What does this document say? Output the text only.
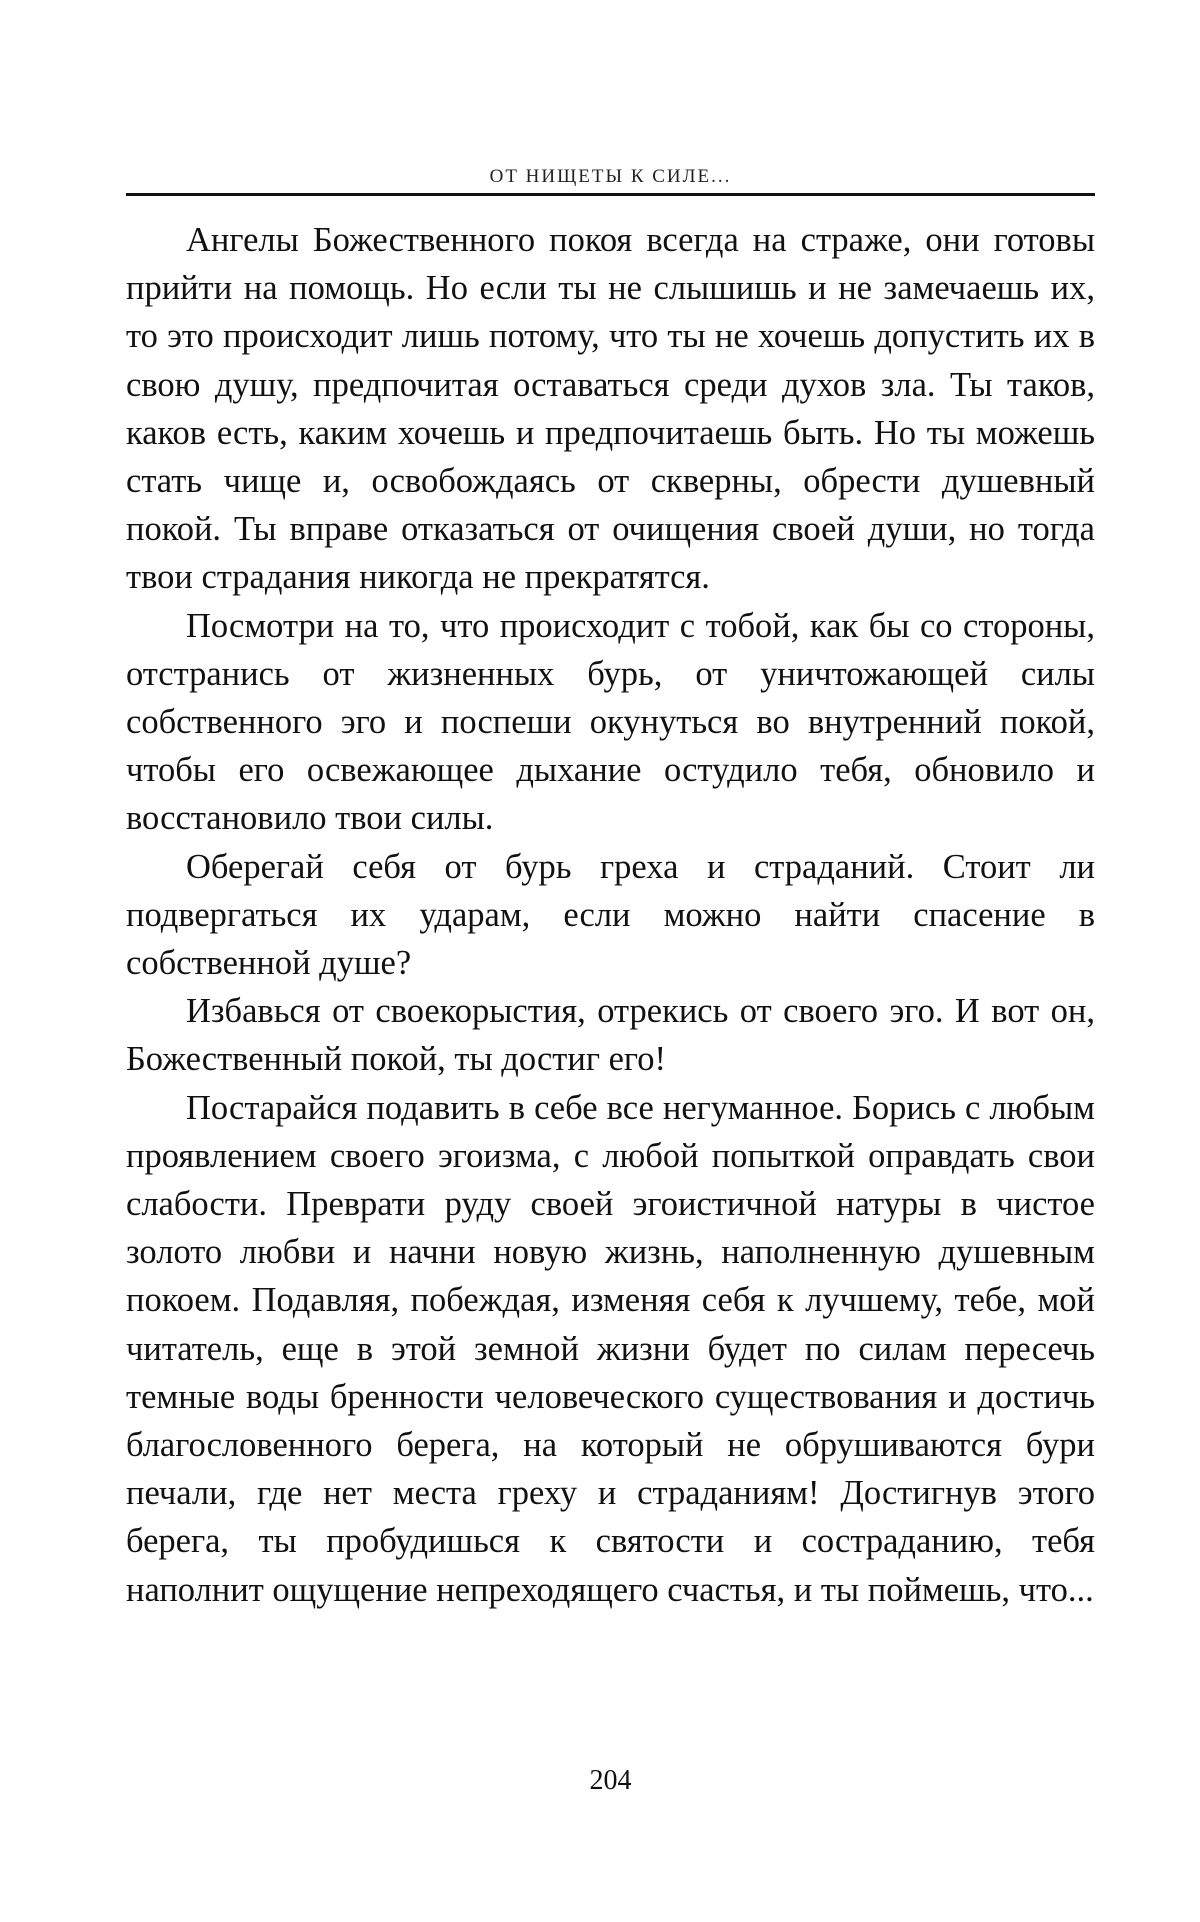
ОТ НИЩЕТЫ К СИЛЕ...

Ангелы Божественного покоя всегда на страже, они готовы прийти на помощь. Но если ты не слышишь и не замечаешь их, то это происходит лишь потому, что ты не хочешь допустить их в свою душу, предпочитая оставаться среди духов зла. Ты таков, каков есть, каким хочешь и предпочитаешь быть. Но ты можешь стать чище и, освобождаясь от скверны, обрести душевный покой. Ты вправе отказаться от очищения своей души, но тогда твои страдания никогда не прекратятся.

Посмотри на то, что происходит с тобой, как бы со стороны, отстранись от жизненных бурь, от уничтожающей силы собственного эго и поспеши окунуться во внутренний покой, чтобы его освежающее дыхание остудило тебя, обновило и восстановило твои силы.

Оберегай себя от бурь греха и страданий. Стоит ли подвергаться их ударам, если можно найти спасение в собственной душе?

Избавься от своекорыстия, отрекись от своего эго. И вот он, Божественный покой, ты достиг его!

Постарайся подавить в себе все негуманное. Борись с любым проявлением своего эгоизма, с любой попыткой оправдать свои слабости. Преврати руду своей эгоистичной натуры в чистое золото любви и начни новую жизнь, наполненную душевным покоем. Подавляя, побеждая, изменяя себя к лучшему, тебе, мой читатель, еще в этой земной жизни будет по силам пересечь темные воды бренности человеческого существования и достичь благословенного берега, на который не обрушиваются бури печали, где нет места греху и страданиям! Достигнув этого берега, ты пробудишься к святости и состраданию, тебя наполнит ощущение непреходящего счастья, и ты поймешь, что...

204
